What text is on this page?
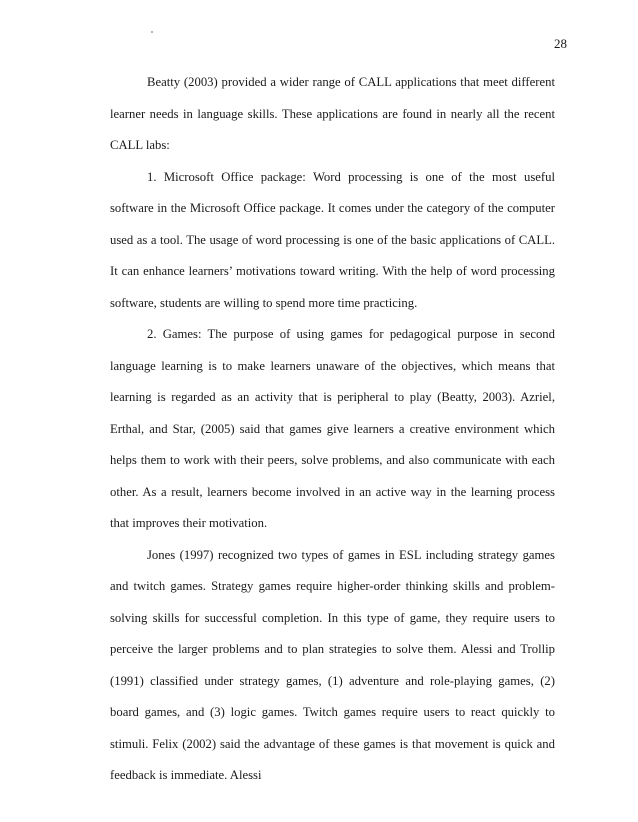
28

Beatty (2003) provided a wider range of CALL applications that meet different learner needs in language skills. These applications are found in nearly all the recent CALL labs:

1. Microsoft Office package: Word processing is one of the most useful software in the Microsoft Office package. It comes under the category of the computer used as a tool. The usage of word processing is one of the basic applications of CALL. It can enhance learners’ motivations toward writing. With the help of word processing software, students are willing to spend more time practicing.

2. Games: The purpose of using games for pedagogical purpose in second language learning is to make learners unaware of the objectives, which means that learning is regarded as an activity that is peripheral to play (Beatty, 2003). Azriel, Erthal, and Star, (2005) said that games give learners a creative environment which helps them to work with their peers, solve problems, and also communicate with each other. As a result, learners become involved in an active way in the learning process that improves their motivation.

Jones (1997) recognized two types of games in ESL including strategy games and twitch games. Strategy games require higher-order thinking skills and problem-solving skills for successful completion. In this type of game, they require users to perceive the larger problems and to plan strategies to solve them. Alessi and Trollip (1991) classified under strategy games, (1) adventure and role-playing games, (2) board games, and (3) logic games. Twitch games require users to react quickly to stimuli. Felix (2002) said the advantage of these games is that movement is quick and feedback is immediate. Alessi
